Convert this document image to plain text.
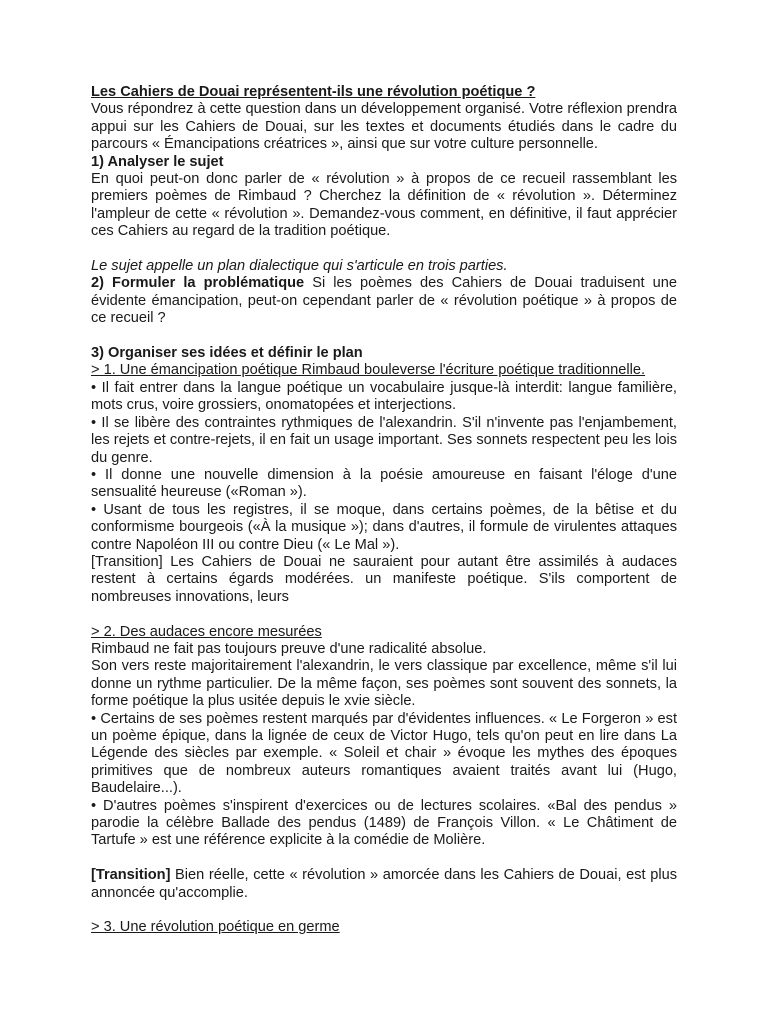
Les Cahiers de Douai représentent-ils une révolution poétique ?

Vous répondrez à cette question dans un développement organisé. Votre réflexion prendra appui sur les Cahiers de Douai, sur les textes et documents étudiés dans le cadre du parcours « Émancipations créatrices », ainsi que sur votre culture personnelle.

1) Analyser le sujet

En quoi peut-on donc parler de « révolution » à propos de ce recueil rassemblant les premiers poèmes de Rimbaud ? Cherchez la définition de « révolution ». Déterminez l'ampleur de cette « révolution ». Demandez-vous comment, en définitive, il faut apprécier ces Cahiers au regard de la tradition poétique.

Le sujet appelle un plan dialectique qui s'articule en trois parties.

2) Formuler la problématique Si les poèmes des Cahiers de Douai traduisent une évidente émancipation, peut-on cependant parler de « révolution poétique » à propos de ce recueil ?

3) Organiser ses idées et définir le plan

> 1. Une émancipation poétique Rimbaud bouleverse l'écriture poétique traditionnelle.

• Il fait entrer dans la langue poétique un vocabulaire jusque-là interdit: langue familière, mots crus, voire grossiers, onomatopées et interjections.

• Il se libère des contraintes rythmiques de l'alexandrin. S'il n'invente pas l'enjambement, les rejets et contre-rejets, il en fait un usage important. Ses sonnets respectent peu les lois du genre.

• Il donne une nouvelle dimension à la poésie amoureuse en faisant l'éloge d'une sensualité heureuse («Roman »).

• Usant de tous les registres, il se moque, dans certains poèmes, de la bêtise et du conformisme bourgeois («À la musique »); dans d'autres, il formule de virulentes attaques contre Napoléon III ou contre Dieu (« Le Mal »).

[Transition] Les Cahiers de Douai ne sauraient pour autant être assimilés à audaces restent à certains égards modérées. un manifeste poétique. S'ils comportent de nombreuses innovations, leurs

> 2. Des audaces encore mesurées

Rimbaud ne fait pas toujours preuve d'une radicalité absolue.

Son vers reste majoritairement l'alexandrin, le vers classique par excellence, même s'il lui donne un rythme particulier. De la même façon, ses poèmes sont souvent des sonnets, la forme poétique la plus usitée depuis le xvie siècle.

• Certains de ses poèmes restent marqués par d'évidentes influences. « Le Forgeron » est un poème épique, dans la lignée de ceux de Victor Hugo, tels qu'on peut en lire dans La Légende des siècles par exemple. « Soleil et chair » évoque les mythes des époques primitives que de nombreux auteurs romantiques avaient traités avant lui (Hugo, Baudelaire...).

• D'autres poèmes s'inspirent d'exercices ou de lectures scolaires. «Bal des pendus » parodie la célèbre Ballade des pendus (1489) de François Villon. « Le Châtiment de Tartufe » est une référence explicite à la comédie de Molière.

[Transition] Bien réelle, cette « révolution » amorcée dans les Cahiers de Douai, est plus annoncée qu'accomplie.

> 3. Une révolution poétique en germe
